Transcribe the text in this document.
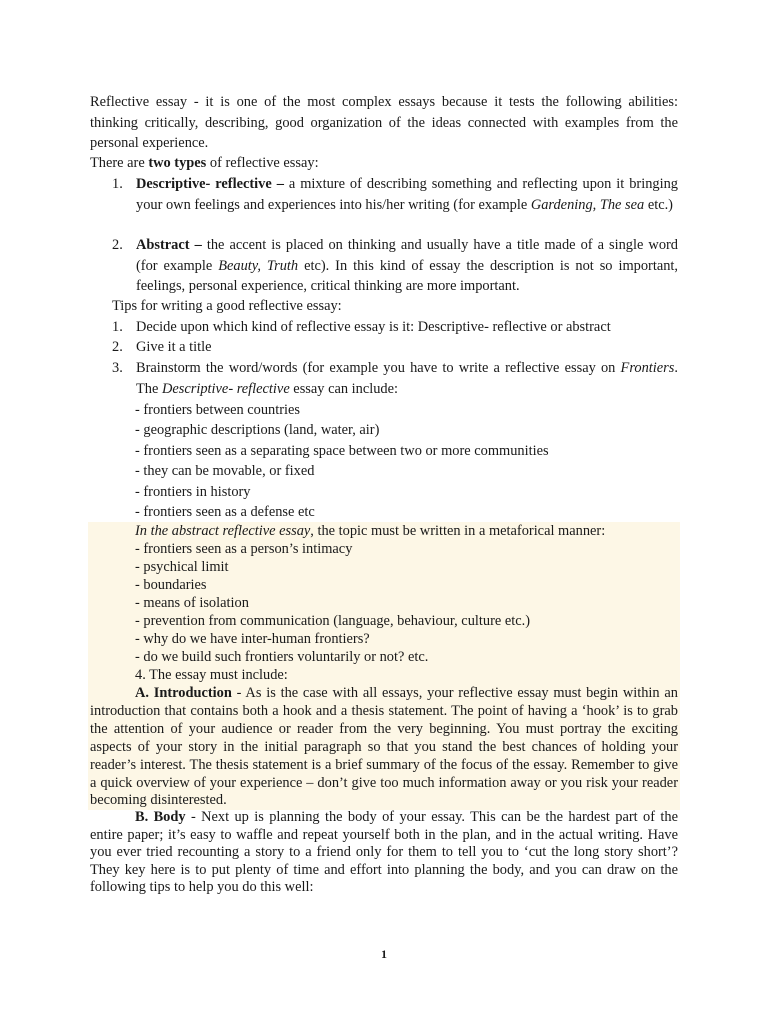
Reflective essay - it is one of the most complex essays because it tests the following abilities: thinking critically, describing, good organization of the ideas connected with examples from the personal experience.

There are two types of reflective essay:

1. Descriptive- reflective – a mixture of describing something and reflecting upon it bringing your own feelings and experiences into his/her writing (for example Gardening, The sea etc.)
2. Abstract – the accent is placed on thinking and usually have a title made of a single word (for example Beauty, Truth etc). In this kind of essay the description is not so important, feelings, personal experience, critical thinking are more important.

Tips for writing a good reflective essay:

1. Decide upon which kind of reflective essay is it: Descriptive- reflective or abstract
2. Give it a title
3. Brainstorm the word/words (for example you have to write a reflective essay on Frontiers. The Descriptive- reflective essay can include:

- frontiers between countries

- geographic descriptions (land, water, air)

- frontiers seen as a separating space between two or more communities

- they can be movable, or fixed

- frontiers in history

- frontiers seen as a defense etc

In the abstract reflective essay, the topic must be written in a metaforical manner:

- frontiers seen as a person’s intimacy

- psychical limit

- boundaries

- means of isolation

- prevention from communication (language, behaviour, culture etc.)

- why do we have inter-human frontiers?

- do we build such frontiers voluntarily or not? etc.

4. The essay must include:

A. Introduction - As is the case with all essays, your reflective essay must begin within an introduction that contains both a hook and a thesis statement. The point of having a ‘hook’ is to grab the attention of your audience or reader from the very beginning. You must portray the exciting aspects of your story in the initial paragraph so that you stand the best chances of holding your reader’s interest. The thesis statement is a brief summary of the focus of the essay. Remember to give a quick overview of your experience – don’t give too much information away or you risk your reader becoming disinterested.

B. Body - Next up is planning the body of your essay. This can be the hardest part of the entire paper; it’s easy to waffle and repeat yourself both in the plan, and in the actual writing. Have you ever tried recounting a story to a friend only for them to tell you to ‘cut the long story short’? They key here is to put plenty of time and effort into planning the body, and you can draw on the following tips to help you do this well:

1
